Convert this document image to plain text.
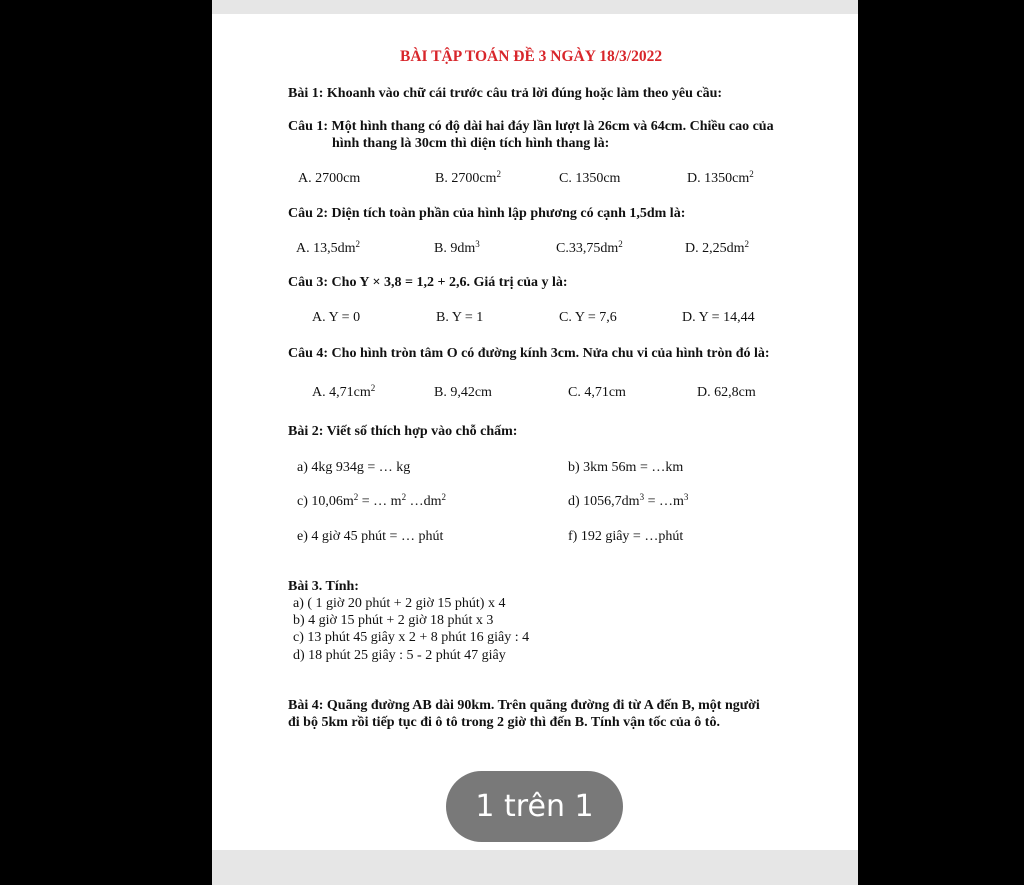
BÀI TẬP TOÁN ĐỀ 3 NGÀY 18/3/2022
Bài 1: Khoanh vào chữ cái trước câu trả lời đúng hoặc làm theo yêu cầu:
Câu 1: Một hình thang có độ dài hai đáy lần lượt là 26cm và 64cm. Chiều cao của
hình thang là 30cm thì diện tích hình thang là:
A. 2700cm	B. $2700cm^2$	C. 1350cm	D. $1350cm^2$
Câu 2: Diện tích toàn phần của hình lập phương có cạnh 1,5dm là:
A. $13,5dm^2$	B. $9dm^3$	$C.33,75dm^2$	D. $2,25dm^2$
Câu 3: Cho Y × 3,8 = 1,2 + 2,6. Giá trị của y là:
A. Y = 0	B. Y = 1	C. Y = 7,6	D. Y = 14,44
Câu 4: Cho hình tròn tâm O có đường kính 3cm. Nửa chu vi của hình tròn đó là:
A. $4,71cm^2$	B. 9,42cm	C. 4,71cm	D. 62,8cm
Bài 2: Viết số thích hợp vào chỗ chấm:
a) 4kg 934g = … kg	b) 3km 56m = …km
c) $10,06m^2$ = … $m^2$ $\dots dm^2$	d) $1056,7dm^3$ = $\dots m^3$
e) 4 giờ 45 phút = … phút	f) 192 giây = …phút
Bài 3. Tính:
a) ( 1 giờ 20 phút + 2 giờ 15 phút) x 4
b) 4 giờ 15 phút + 2 giờ 18 phút x 3
c) 13 phút 45 giây x 2 + 8 phút 16 giây : 4
d) 18 phút 25 giây : 5 - 2 phút 47 giây
Bài 4: Quãng đường AB dài 90km. Trên quãng đường đi từ A đến B, một người
đi bộ 5km rồi tiếp tục đi ô tô trong 2 giờ thì đến B. Tính vận tốc của ô tô.
1 trên 1
